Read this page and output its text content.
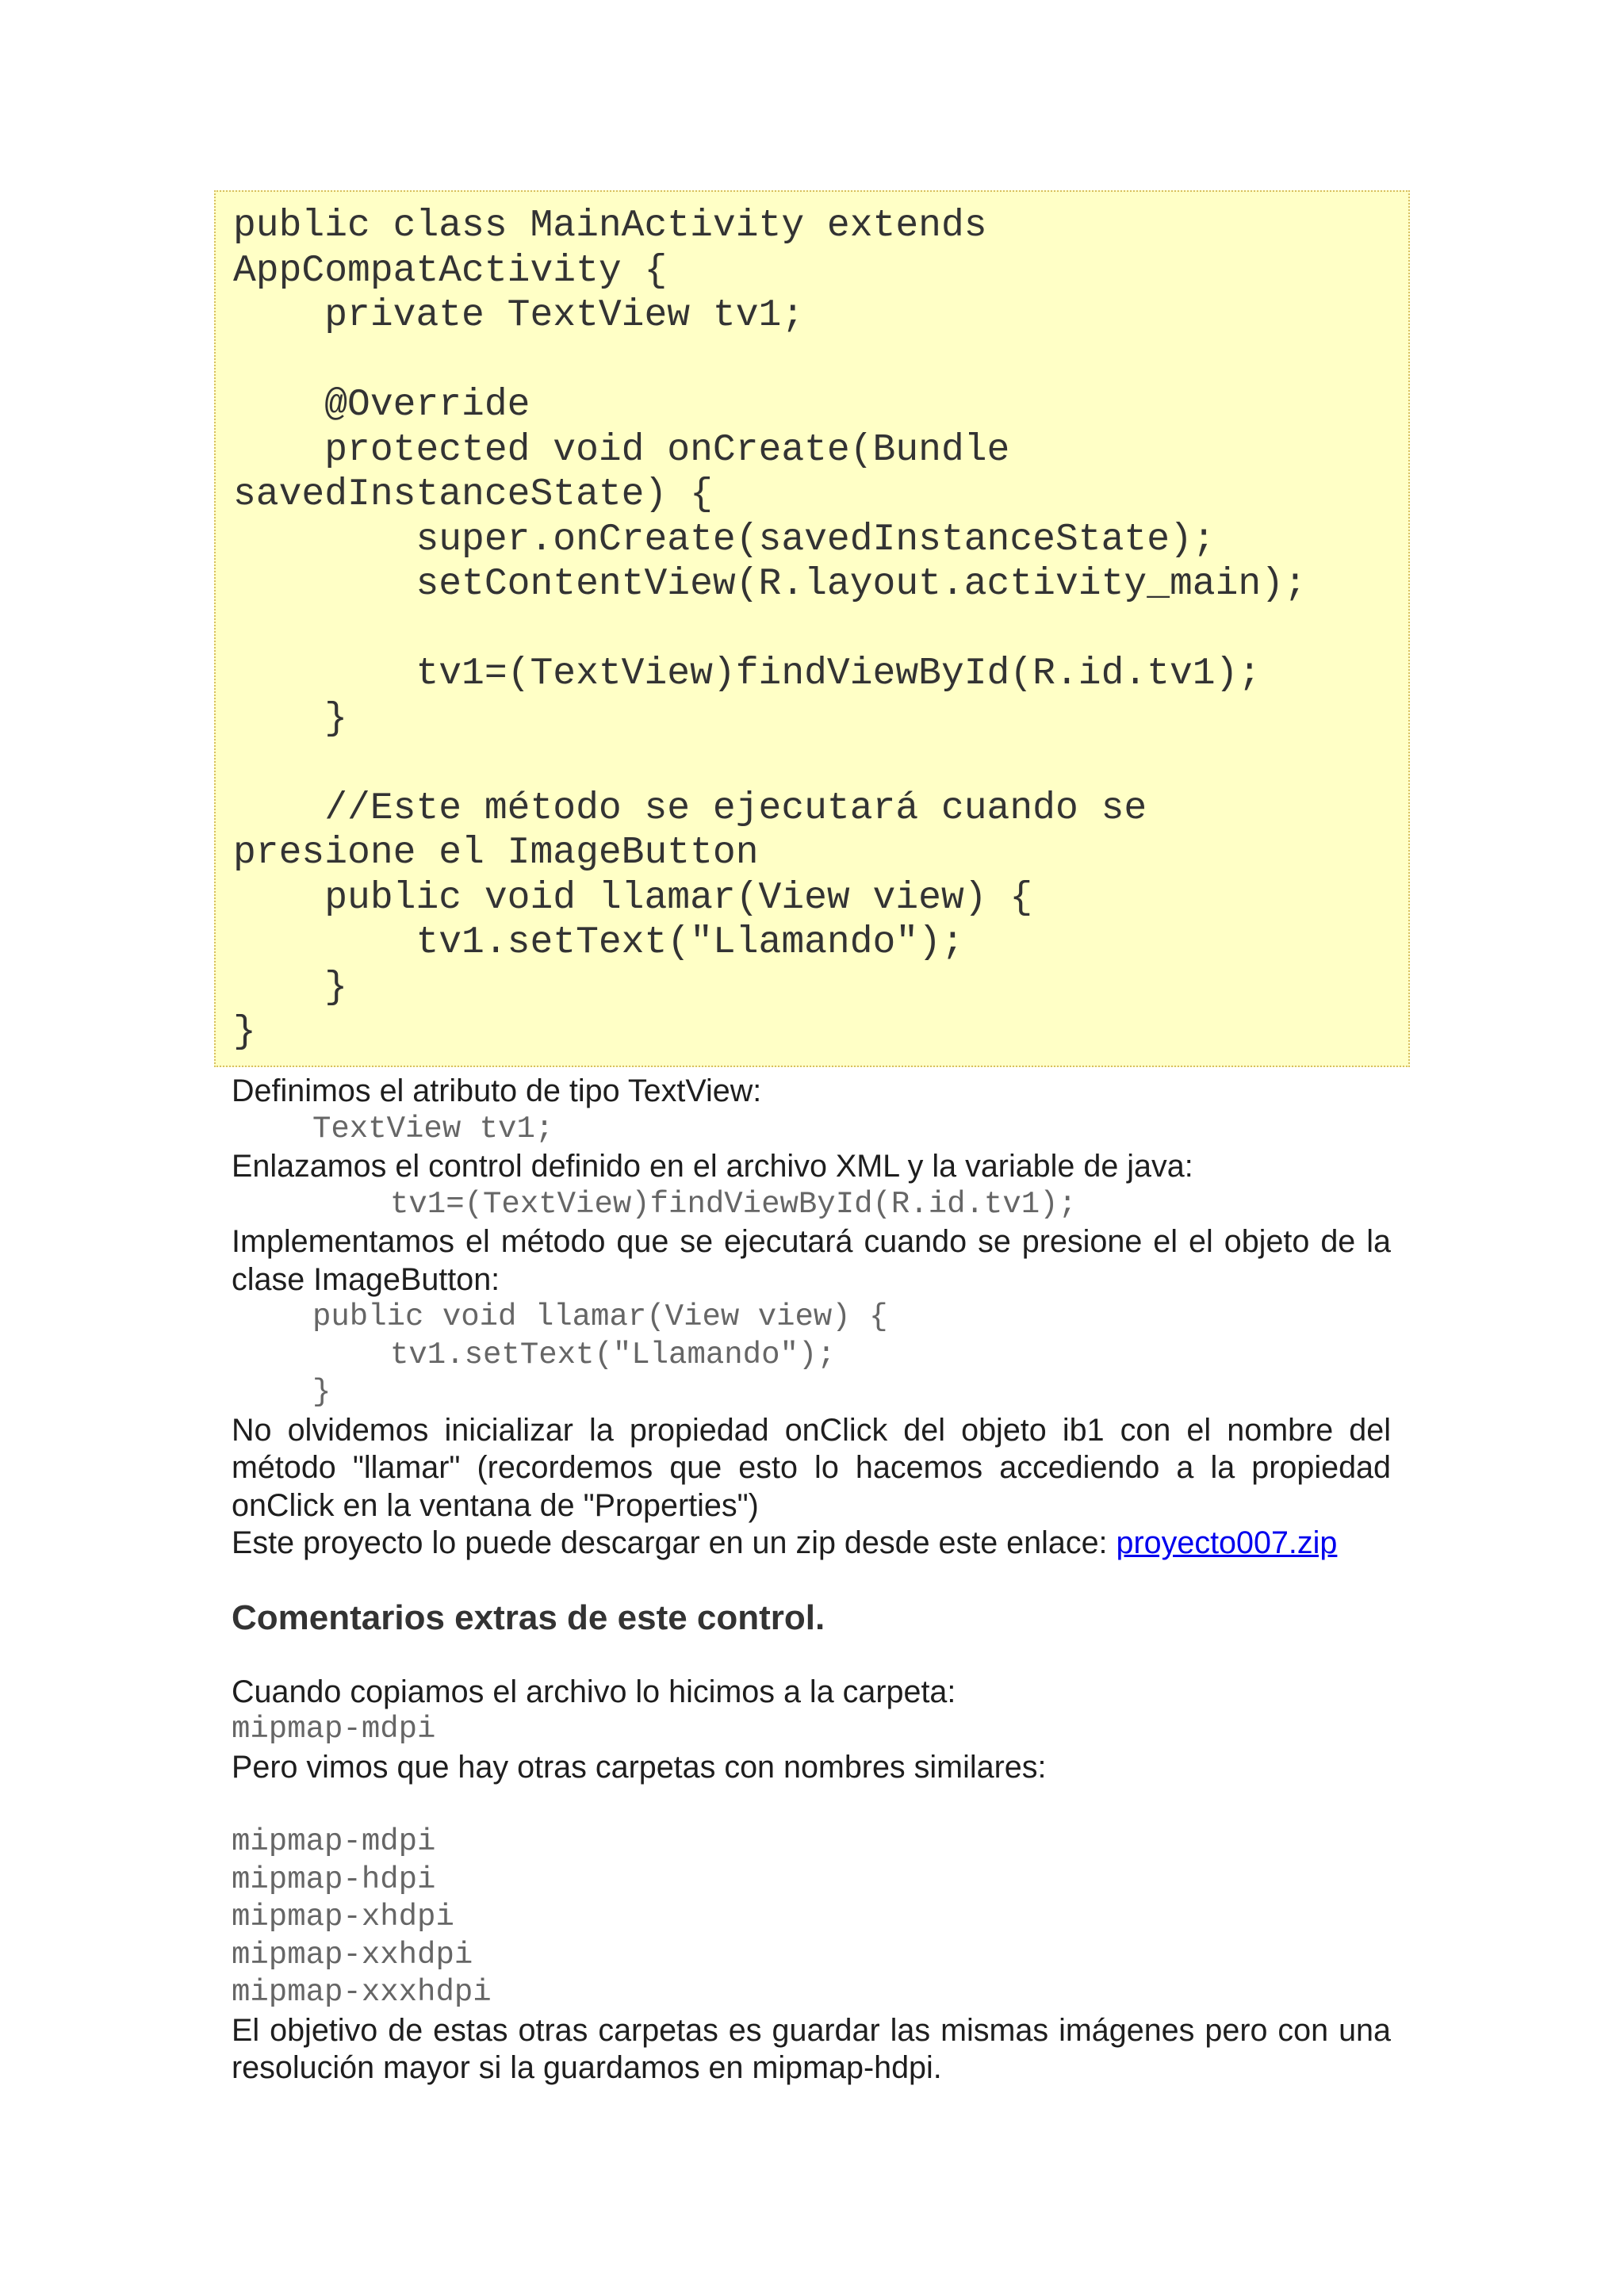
public class MainActivity extends
AppCompatActivity {
private TextView tv1;

@Override
protected void onCreate(Bundle
savedInstanceState) {
super.onCreate(savedInstanceState);
setContentView(R.layout.activity_main);

tv1=(TextView)findViewById(R.id.tv1);
}

//Este método se ejecutará cuando se
presione el ImageButton
public void llamar(View view) {
tv1.setText("Llamando");
}
}

Definimos el atributo de tipo TextView:

TextView tv1;

Enlazamos el control definido en el archivo XML y la variable de java:

tv1=(TextView)findViewById(R.id.tv1);

Implementamos el método que se ejecutará cuando se presione el el objeto de la clase ImageButton:

public void llamar(View view) {

tv1.setText("Llamando");

}

No olvidemos inicializar la propiedad onClick del objeto ib1 con el nombre del método "llamar" (recordemos que esto lo hacemos accediendo a la propiedad onClick en la ventana de "Properties")

Este proyecto lo puede descargar en un zip desde este enlace: proyecto007.zip

Comentarios extras de este control.

Cuando copiamos el archivo lo hicimos a la carpeta:

mipmap-mdpi

Pero vimos que hay otras carpetas con nombres similares:

mipmap-mdpi

mipmap-hdpi

mipmap-xhdpi

mipmap-xxhdpi

mipmap-xxxhdpi

El objetivo de estas otras carpetas es guardar las mismas imágenes pero con una resolución mayor si la guardamos en mipmap-hdpi.
